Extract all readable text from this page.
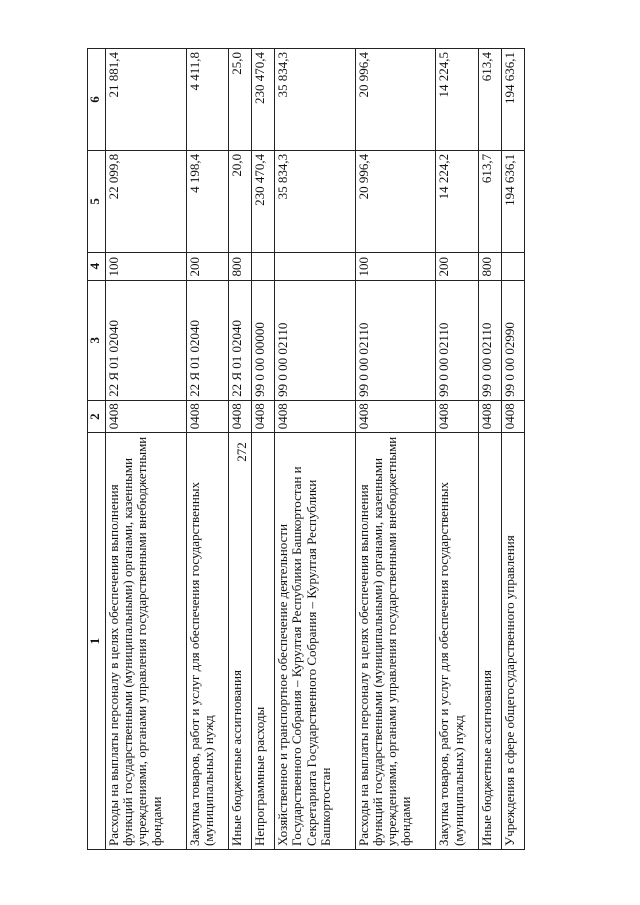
272
1	2	3	4	5	6
Расходы на выплаты персоналу в целях обеспечения выполнения функций государственными (муниципальными) органами, казенными учреждениями, органами управления государственными внебюджетными фондами	0408	22 Я 01 02040	100	22 099,8	21 881,4
Закупка товаров, работ и услуг для обеспечения государственных (муниципальных) нужд	0408	22 Я 01 02040	200	4 198,4	4 411,8
Иные бюджетные ассигнования	0408	22 Я 01 02040	800	20,0	25,0
Непрограммные расходы	0408	99 0 00 00000		230 470,4	230 470,4
Хозяйственное и транспортное обеспечение деятельности Государственного Собрания – Курултая Республики Башкортостан и Секретариата Государственного Собрания – Курултая Республики Башкортостан	0408	99 0 00 02110		35 834,3	35 834,3
Расходы на выплаты персоналу в целях обеспечения выполнения функций государственными (муниципальными) органами, казенными учреждениями, органами управления государственными внебюджетными фондами	0408	99 0 00 02110	100	20 996,4	20 996,4
Закупка товаров, работ и услуг для обеспечения государственных (муниципальных) нужд	0408	99 0 00 02110	200	14 224,2	14 224,5
Иные бюджетные ассигнования	0408	99 0 00 02110	800	613,7	613,4
Учреждения в сфере общегосударственного управления	0408	99 0 00 02990		194 636,1	194 636,1
